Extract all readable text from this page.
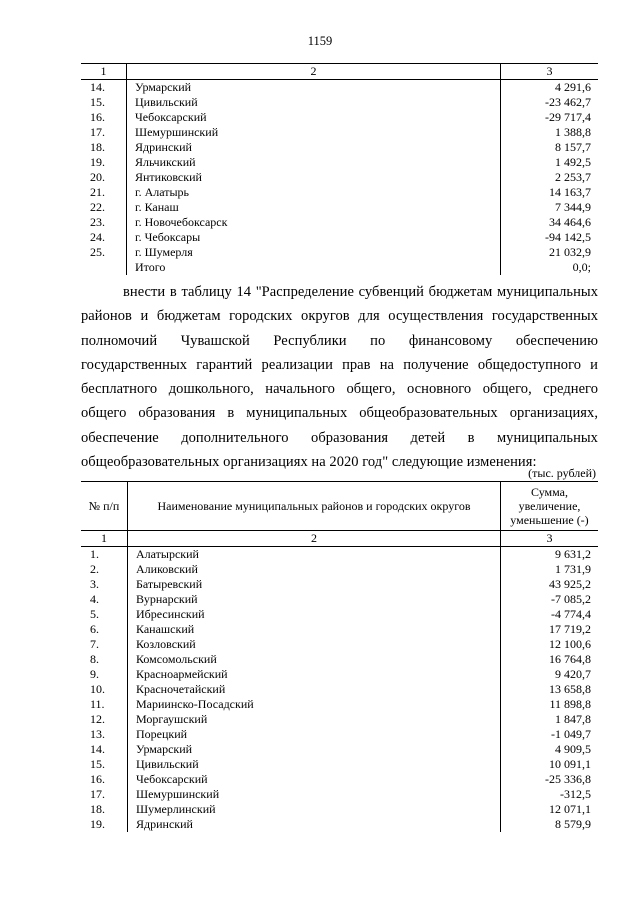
1159
1	2	3
14.	Урмарский	4 291,6
15.	Цивильский	-23 462,7
16.	Чебоксарский	-29 717,4
17.	Шемуршинский	1 388,8
18.	Ядринский	8 157,7
19.	Яльчикский	1 492,5
20.	Янтиковский	2 253,7
21.	г. Алатырь	14 163,7
22.	г. Канаш	7 344,9
23.	г. Новочебоксарск	34 464,6
24.	г. Чебоксары	-94 142,5
25.	г. Шумерля	21 032,9
	Итого	0,0;

внести в таблицу 14 "Распределение субвенций бюджетам муниципальных районов и бюджетам городских округов для осуществления государственных полномочий Чувашской Республики по финансовому обеспечению государственных гарантий реализации прав на получение общедоступного и бесплатного дошкольного, начального общего, основного общего, среднего общего образования в муниципальных общеобразовательных организациях, обеспечение дополнительного образования детей в муниципальных общеобразовательных организациях на 2020 год" следующие изменения:

(тыс. рублей)
№ п/п	Наименование муниципальных районов и городских округов	Сумма, увеличение, уменьшение (-)
1	2	3
1.	Алатырский	9 631,2
2.	Аликовский	1 731,9
3.	Батыревский	43 925,2
4.	Вурнарский	-7 085,2
5.	Ибресинский	-4 774,4
6.	Канашский	17 719,2
7.	Козловский	12 100,6
8.	Комсомольский	16 764,8
9.	Красноармейский	9 420,7
10.	Красночетайский	13 658,8
11.	Мариинско-Посадский	11 898,8
12.	Моргаушский	1 847,8
13.	Порецкий	-1 049,7
14.	Урмарский	4 909,5
15.	Цивильский	10 091,1
16.	Чебоксарский	-25 336,8
17.	Шемуршинский	-312,5
18.	Шумерлинский	12 071,1
19.	Ядринский	8 579,9
